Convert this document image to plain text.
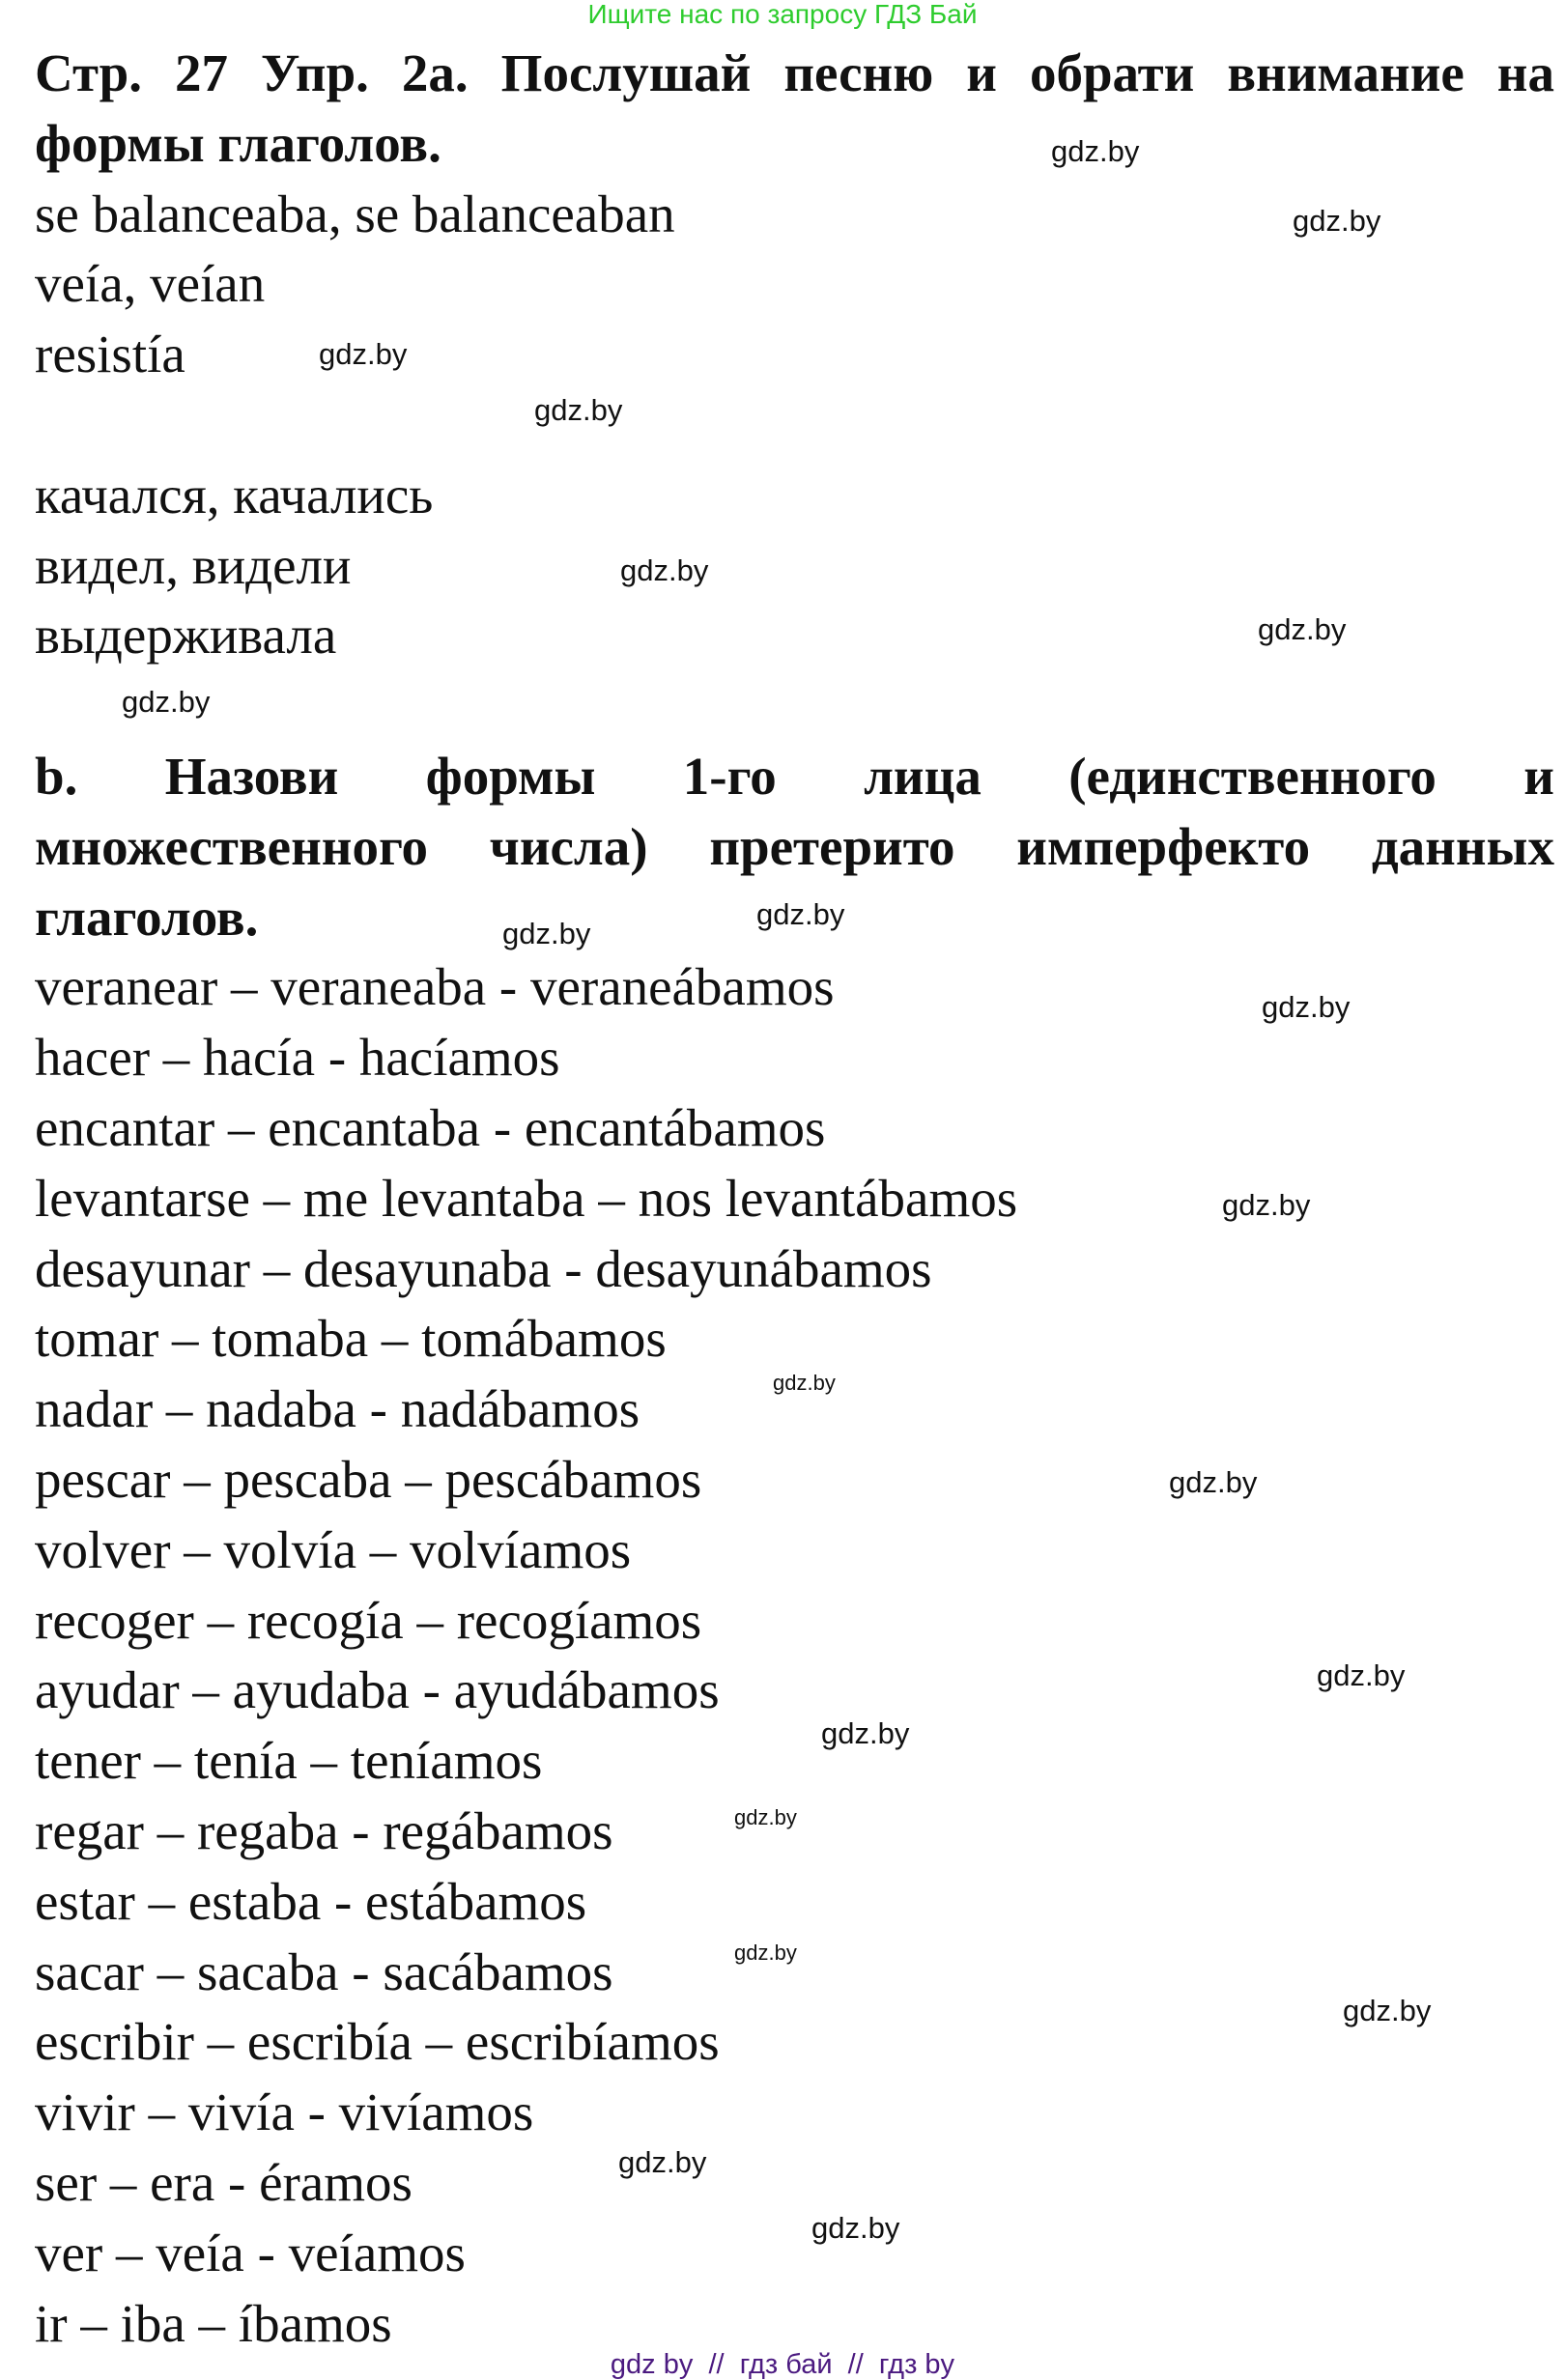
Ищите нас по запросу ГДЗ Бай
Стр. 27 Упр. 2а. Послушай песню и обрати внимание на
формы глаголов.
se balanceaba, se balanceaban
veía, veían
resistía
качался, качались
видел, видели
выдерживала
b. Назови формы 1-го лица (единственного и
множественного числа) претерито имперфекто данных
глаголов.
veranear – veraneaba - veraneábamos
hacer – hacía - hacíamos
encantar – encantaba - encantábamos
levantarse – me levantaba – nos levantábamos
desayunar – desayunaba - desayunábamos
tomar – tomaba – tomábamos
nadar – nadaba - nadábamos
pescar – pescaba – pescábamos
volver – volvía – volvíamos
recoger – recogía – recogíamos
ayudar – ayudaba - ayudábamos
tener – tenía – teníamos
regar – regaba - regábamos
estar – estaba - estábamos
sacar – sacaba - sacábamos
escribir – escribía – escribíamos
vivir – vivía - vivíamos
ser – era - éramos
ver – veía - veíamos
ir – iba – íbamos
gdz.by
gdz.by
gdz.by
gdz.by
gdz.by
gdz.by
gdz.by
gdz.by
gdz.by
gdz.by
gdz.by
gdz.by
gdz.by
gdz.by
gdz.by
gdz.by
gdz.by
gdz.by
gdz.by
gdz.by
gdz by  //  гдз бай  //  гдз by
